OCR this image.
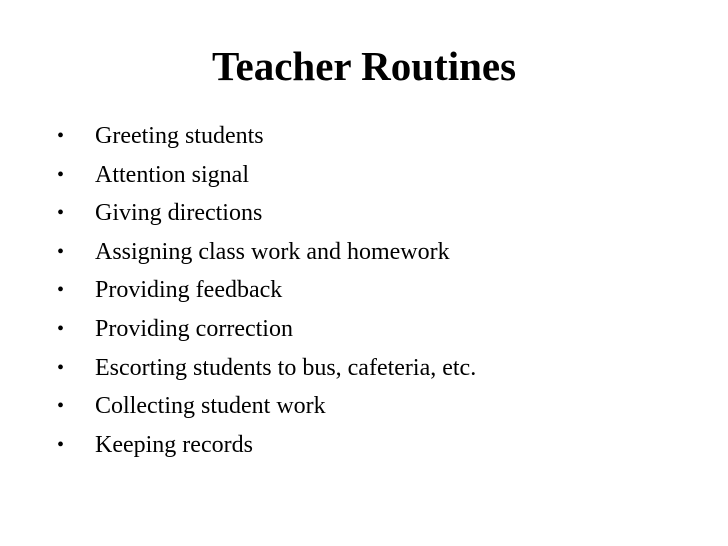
Teacher Routines
• Greeting students
• Attention signal
• Giving directions
• Assigning class work and homework
• Providing feedback
• Providing correction
• Escorting students to bus, cafeteria, etc.
• Collecting student work
• Keeping records
